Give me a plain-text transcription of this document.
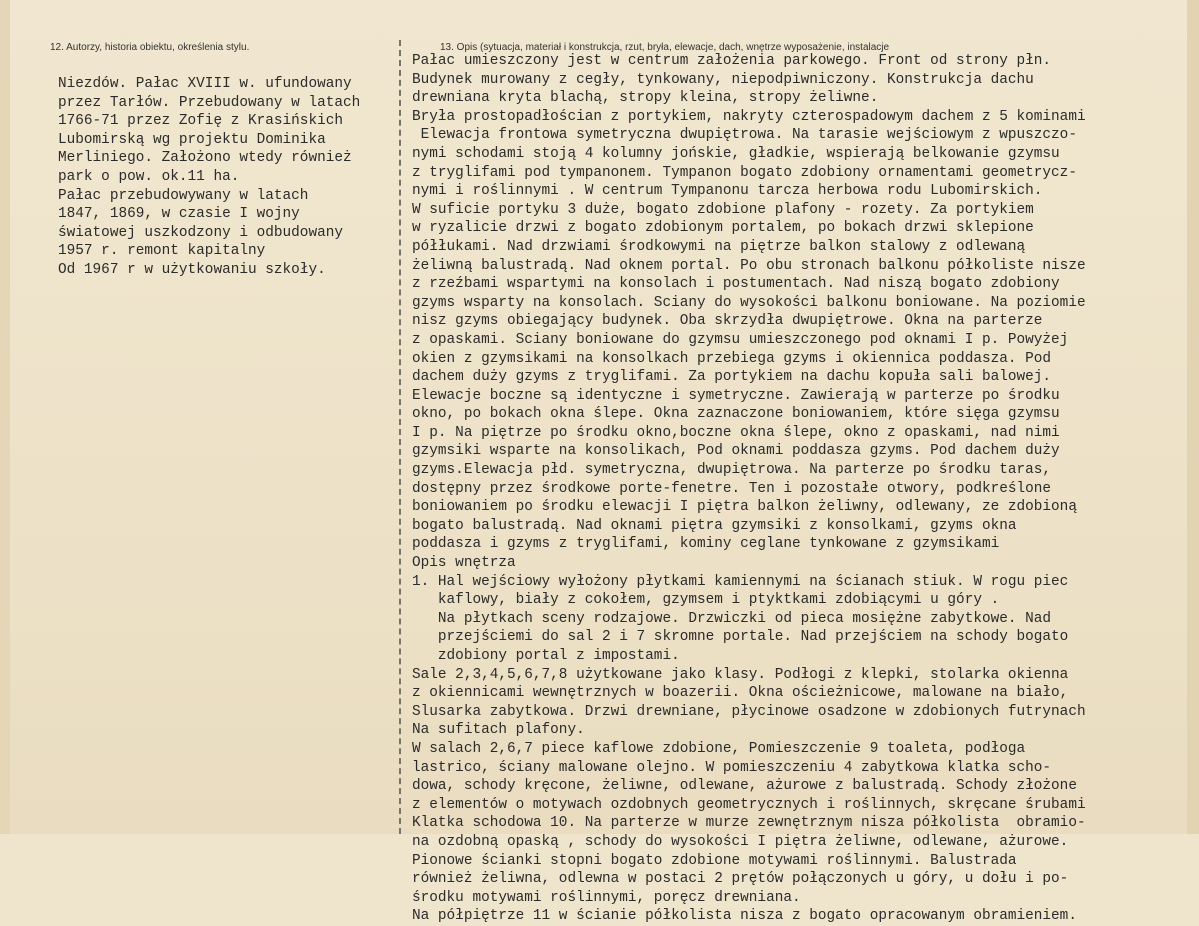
12. Autorzy, historia obiektu, określenia stylu.	13. Opis (sytuacja, materiał i konstrukcja, rzut, bryła, elewacje, dach, wnętrze wyposażenie, instalacje
Niezdów. Pałac XVIII w. ufundowany
przez Tarłów. Przebudowany w latach
1766-71 przez Zofię z Krasińskich
Lubomirską wg projektu Dominika
Merliniego. Założono wtedy również
park o pow. ok.11 ha.
Pałac przebudowywany w latach
1847, 1869, w czasie I wojny
światowej uszkodzony i odbudowany
1957 r. remont kapitalny
Od 1967 r w użytkowaniu szkoły.
Pałac umieszczony jest w centrum założenia parkowego. Front od strony płn.
Budynek murowany z cegły, tynkowany, niepodpiwniczony. Konstrukcja dachu
drewniana kryta blachą, stropy kleina, stropy żeliwne.
Bryła prostopadłościan z portykiem, nakryty czterospadowym dachem z 5 kominami
Elewacja frontowa symetryczna dwupiętrowa. Na tarasie wejściowym z wpuszczo-
nymi schodami stoją 4 kolumny jońskie, gładkie, wspierają belkowanie gzymsu
z tryglifami pod tympanonem. Tympanon bogato zdobiony ornamentami geometrycz-
nymi i roślinnymi . W centrum Tympanonu tarcza herbowa rodu Lubomirskich.
W suficie portyku 3 duże, bogato zdobione plafony - rozety. Za portykiem
w ryzalicie drzwi z bogato zdobionym portalem, po bokach drzwi sklepione
półłukami. Nad drzwiami środkowymi na piętrze balkon stalowy z odlewaną
żeliwną balustradą. Nad oknem portal. Po obu stronach balkonu półkoliste nisze
z rzeźbami wspartymi na konsolach i postumentach. Nad niszą bogato zdobiony
gzyms wsparty na konsolach. Sciany do wysokości balkonu boniowane. Na poziomie
nisz gzyms obiegający budynek. Oba skrzydła dwupiętrowe. Okna na parterze
z opaskami. Sciany boniowane do gzymsu umieszczonego pod oknami I p. Powyżej
okien z gzymsikami na konsolkach przebiega gzyms i okiennica poddasza. Pod
dachem duży gzyms z tryglifami. Za portykiem na dachu kopuła sali balowej.
Elewacje boczne są identyczne i symetryczne. Zawierają w parterze po środku
okno, po bokach okna ślepe. Okna zaznaczone boniowaniem, które sięga gzymsu
I p. Na piętrze po środku okno,boczne okna ślepe, okno z opaskami, nad nimi
gzymsiki wsparte na konsolikach, Pod oknami poddasza gzyms. Pod dachem duży
gzyms.Elewacja płd. symetryczna, dwupiętrowa. Na parterze po środku taras,
dostępny przez środkowe porte-fenetre. Ten i pozostałe otwory, podkreślone
boniowaniem po środku elewacji I piętra balkon żeliwny, odlewany, ze zdobioną
bogato balustradą. Nad oknami piętra gzymsiki z konsolkami, gzyms okna
poddasza i gzyms z tryglifami, kominy ceglane tynkowane z gzymsikami
Opis wnętrza
1. Hal wejściowy wyłożony płytkami kamiennymi na ścianach stiuk. W rogu piec
kaflowy, biały z cokołem, gzymsem i ptyktkami zdobiącymi u góry .
Na płytkach sceny rodzajowe. Drzwiczki od pieca mosiężne zabytkowe. Nad
przejściemi do sal 2 i 7 skromne portale. Nad przejściem na schody bogato
zdobiony portal z impostami.
Sale 2,3,4,5,6,7,8 użytkowane jako klasy. Podłogi z klepki, stolarka okienna
z okiennicami wewnętrznych w boazerii. Okna ościeżnicowe, malowane na biało,
Slusarka zabytkowa. Drzwi drewniane, płycinowe osadzone w zdobionych futrynach
Na sufitach plafony.
W salach 2,6,7 piece kaflowe zdobione, Pomieszczenie 9 toaleta, podłoga
lastrico, ściany malowane olejno. W pomieszczeniu 4 zabytkowa klatka scho-
dowa, schody kręcone, żeliwne, odlewane, ażurowe z balustradą. Schody złożone
z elementów o motywach ozdobnych geometrycznych i roślinnych, skręcane śrubami
Klatka schodowa 10. Na parterze w murze zewnętrznym nisza półkolista  obramio-
na ozdobną opaską , schody do wysokości I piętra żeliwne, odlewane, ażurowe.
Pionowe ścianki stopni bogato zdobione motywami roślinnymi. Balustrada
również żeliwna, odlewna w postaci 2 prętów połączonych u góry, u dołu i po-
środku motywami roślinnymi, poręcz drewniana.
Na półpiętrze 11 w ścianie półkolista nisza z bogato opracowanym obramieniem.
